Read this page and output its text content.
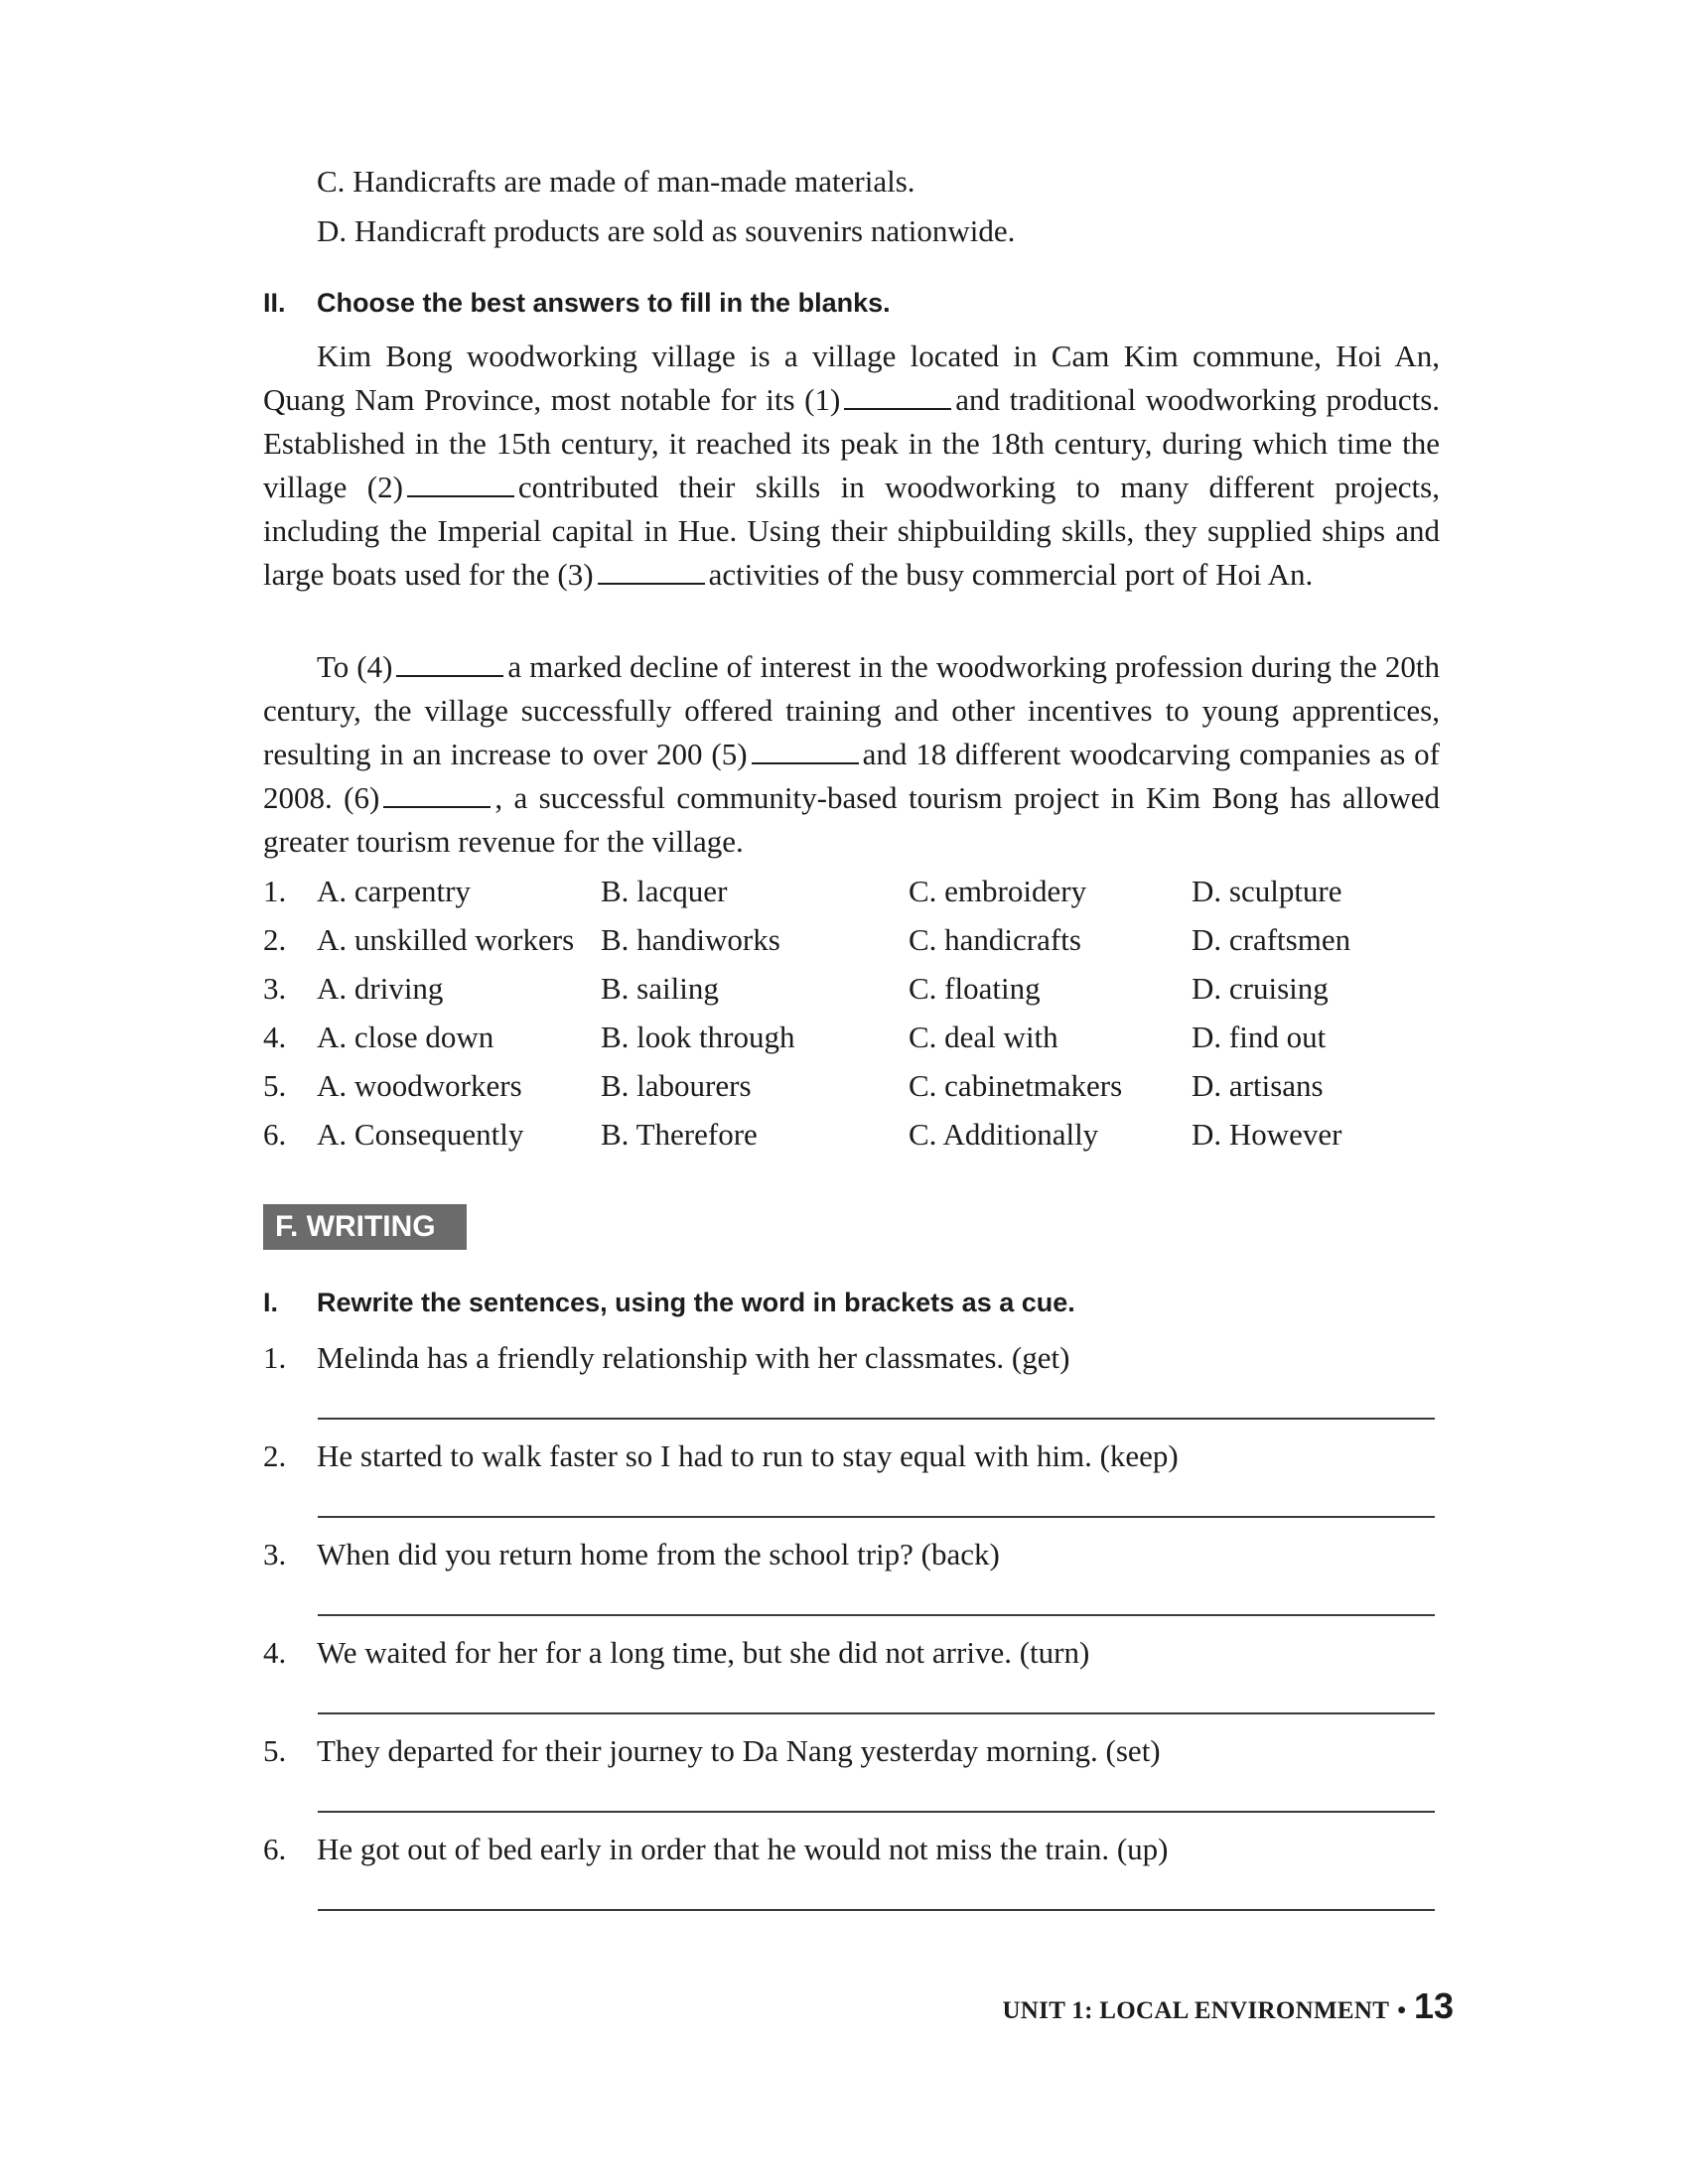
C. Handicrafts are made of man-made materials.
D. Handicraft products are sold as souvenirs nationwide.
II. Choose the best answers to fill in the blanks.
Kim Bong woodworking village is a village located in Cam Kim commune, Hoi An, Quang Nam Province, most notable for its (1)	and traditional woodworking products. Established in the 15th century, it reached its peak in the 18th century, during which time the village (2)	contributed their skills in woodworking to many different projects, including the Imperial capital in Hue. Using their shipbuilding skills, they supplied ships and large boats used for the (3)	activities of the busy commercial port of Hoi An.
To (4)	a marked decline of interest in the woodworking profession during the 20th century, the village successfully offered training and other incentives to young apprentices, resulting in an increase to over 200 (5)	and 18 different woodcarving companies as of 2008. (6)	, a successful community-based tourism project in Kim Bong has allowed greater tourism revenue for the village.
1. A. carpentry	B. lacquer	C. embroidery	D. sculpture
2. A. unskilled workers B. handiworks	C. handicrafts	D. craftsmen
3. A. driving	B. sailing	C. floating	D. cruising
4. A. close down	B. look through	C. deal with	D. find out
5. A. woodworkers	B. labourers	C. cabinetmakers D. artisans
6. A. Consequently	B. Therefore	C. Additionally	D. However
F. WRITING
I. Rewrite the sentences, using the word in brackets as a cue.
1. Melinda has a friendly relationship with her classmates. (get)
2. He started to walk faster so I had to run to stay equal with him. (keep)
3. When did you return home from the school trip? (back)
4. We waited for her for a long time, but she did not arrive. (turn)
5. They departed for their journey to Da Nang yesterday morning. (set)
6. He got out of bed early in order that he would not miss the train. (up)
UNIT 1: LOCAL ENVIRONMENT • 13
